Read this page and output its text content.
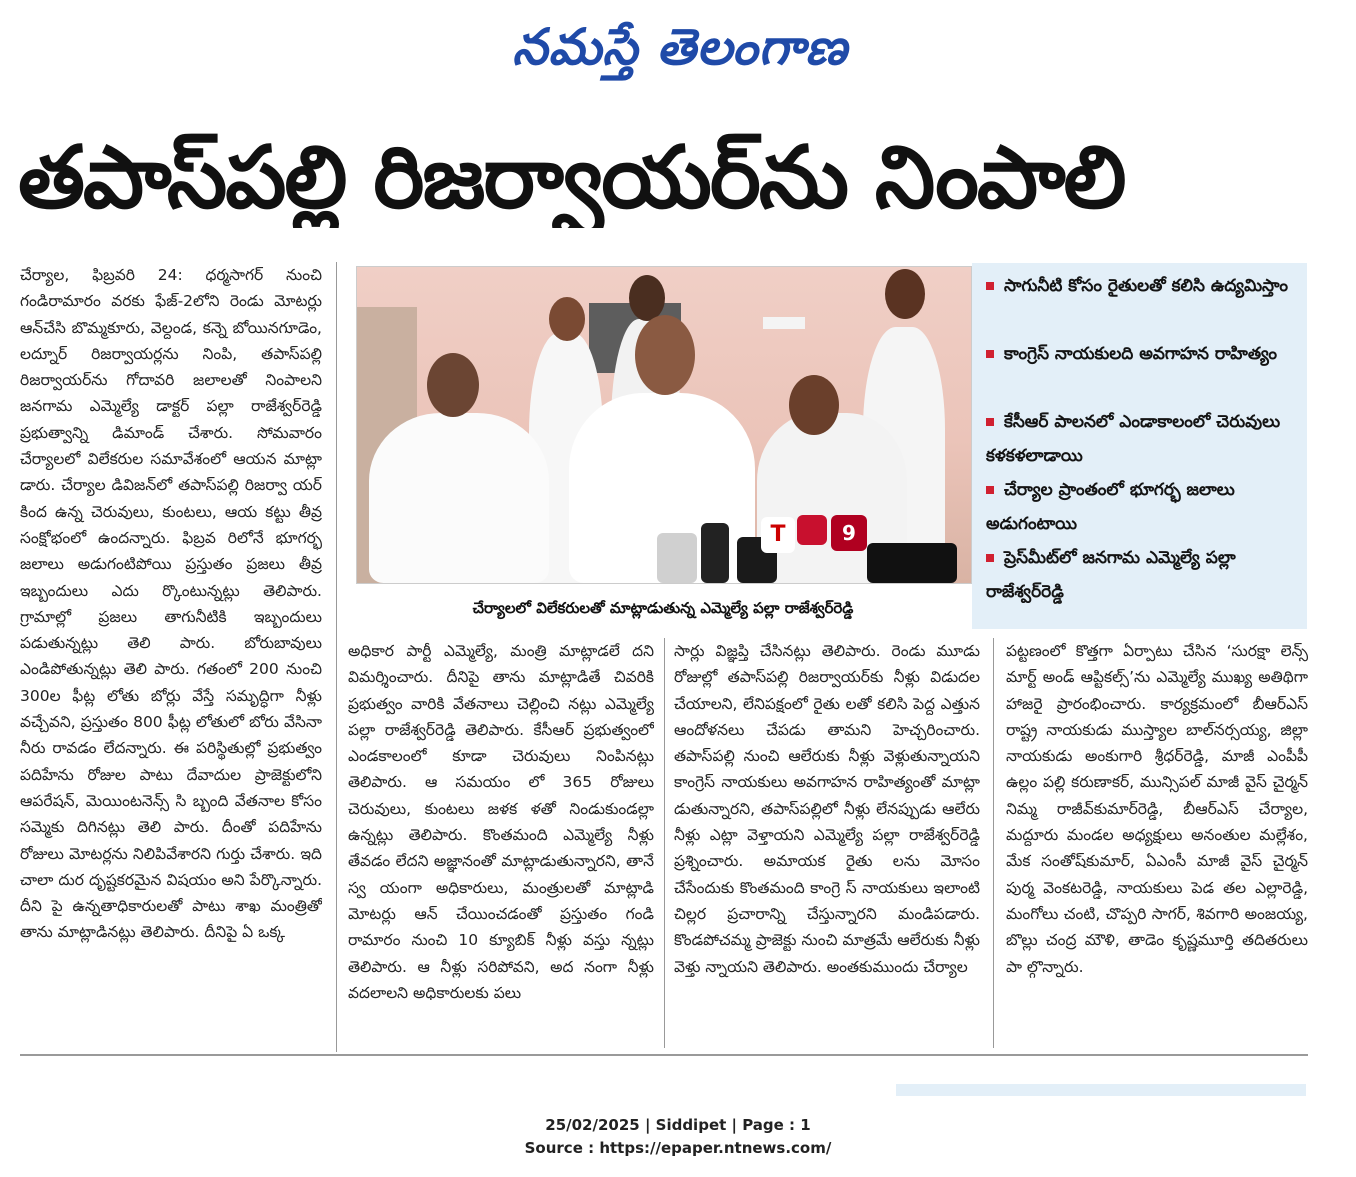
నమస్తే తెలంగాణ
తపాస్‌పల్లి రిజర్వాయర్‌ను నింపాలి

చేర్యాల, ఫిబ్రవరి 24: ధర్మసాగర్ నుంచి గండిరామారం వరకు ఫేజ్‌-2లోని రెండు మోటర్లు ఆన్‌చేసి బొమ్మకూరు, వెల్దండ, కన్నె బోయినగూడెం, లద్నూర్ రిజర్వాయర్లను నింపి, తపాస్‌పల్లి రిజర్వాయర్‌ను గోదావరి జలాలతో నింపాలని జనగామ ఎమ్మెల్యే డాక్టర్ పల్లా రాజేశ్వర్‌రెడ్డి ప్రభుత్వాన్ని డిమాండ్ చేశారు. సోమవారం చేర్యాలలో విలేకరుల సమావేశంలో ఆయన మాట్లా డారు. చేర్యాల డివిజన్‌లో తపాస్‌పల్లి రిజర్వా యర్ కింద ఉన్న చెరువులు, కుంటలు, ఆయ కట్టు తీవ్ర సంక్షోభంలో ఉందన్నారు. ఫిబ్రవ రిలోనే భూగర్భ జలాలు అడుగంటిపోయి ప్రస్తుతం ప్రజలు తీవ్ర ఇబ్బందులు ఎదు ర్కొంటున్నట్లు తెలిపారు. గ్రామాల్లో ప్రజలు తాగునీటికి ఇబ్బందులు పడుతున్నట్లు తెలి పారు. బోరుబావులు ఎండిపోతున్నట్లు తెలి పారు. గతంలో 200 నుంచి 300ల ఫీట్ల లోతు బోర్లు వేస్తే సమృద్ధిగా నీళ్లు వచ్చేవని, ప్రస్తుతం 800 ఫీట్ల లోతులో బోరు వేసినా నీరు రావడం లేదన్నారు. ఈ పరిస్థితుల్లో ప్రభుత్వం పదిహేను రోజుల పాటు దేవాదుల ప్రాజెక్టులోని ఆపరేషన్, మెయింటనెన్స్ సి బ్బంది వేతనాల కోసం సమ్మెకు దిగినట్లు తెలి పారు. దీంతో పదిహేను రోజులు మోటర్లను నిలిపివేశారని గుర్తు చేశారు. ఇది చాలా దుర దృష్టకరమైన విషయం అని పేర్కొన్నారు. దీని పై ఉన్నతాధికారులతో పాటు శాఖ మంత్రితో తాను మాట్లాడినట్లు తెలిపారు. దీనిపై ఏ ఒక్క

T	9
చేర్యాలలో విలేకరులతో మాట్లాడుతున్న ఎమ్మెల్యే పల్లా రాజేశ్వర్‌రెడ్డి
సాగునీటి కోసం రైతులతో కలిసి ఉద్యమిస్తాం
కాంగ్రెస్ నాయకులది అవగాహన రాహిత్యం
కేసీఆర్ పాలనలో ఎండాకాలంలో చెరువులు కళకళలాడాయి
చేర్యాల ప్రాంతంలో భూగర్భ జలాలు అడుగంటాయి
ప్రెస్‌మీట్‌లో జనగామ ఎమ్మెల్యే పల్లా రాజేశ్వర్‌రెడ్డి

అధికార పార్టీ ఎమ్మెల్యే, మంత్రి మాట్లాడలే దని విమర్శించారు. దీనిపై తాను మాట్లాడితే చివరికి ప్రభుత్వం వారికి వేతనాలు చెల్లించి నట్లు ఎమ్మెల్యే పల్లా రాజేశ్వర్‌రెడ్డి తెలిపారు. కేసీఆర్ ప్రభుత్వంలో ఎండకాలంలో కూడా చెరువులు నింపినట్లు తెలిపారు. ఆ సమయం లో 365 రోజులు చెరువులు, కుంటలు జళక ళతో నిండుకుండల్లా ఉన్నట్లు తెలిపారు. కొంతమంది ఎమ్మెల్యే నీళ్లు తేవడం లేదని అజ్ఞానంతో మాట్లాడుతున్నారని, తానే స్వ యంగా అధికారులు, మంత్రులతో మాట్లాడి మోటర్లు ఆన్ చేయించడంతో ప్రస్తుతం గండి రామారం నుంచి 10 క్యూబిక్ నీళ్లు వస్తు న్నట్లు తెలిపారు. ఆ నీళ్లు సరిపోవని, అద నంగా నీళ్లు వదలాలని అధికారులకు పలు

సార్లు విజ్ఞప్తి చేసినట్లు తెలిపారు. రెండు మూడు రోజుల్లో తపాస్‌పల్లి రిజర్వాయర్‌కు నీళ్లు విడుదల చేయాలని, లేనిపక్షంలో రైతు లతో కలిసి పెద్ద ఎత్తున ఆందోళనలు చేపడు తామని హెచ్చరించారు. తపాస్‌పల్లి నుంచి ఆలేరుకు నీళ్లు వెళ్లుతున్నాయని కాంగ్రెస్ నాయకులు అవగాహన రాహిత్యంతో మాట్లా డుతున్నారని, తపాస్‌పల్లిలో నీళ్లు లేనప్పుడు ఆలేరు నీళ్లు ఎట్లా వెళ్తాయని ఎమ్మెల్యే పల్లా రాజేశ్వర్‌రెడ్డి ప్రశ్నించారు. అమాయక రైతు లను మోసం చేసేందుకు కొంతమంది కాంగ్రె స్ నాయకులు ఇలాంటి చిల్లర ప్రచారాన్ని చేస్తున్నారని మండిపడారు. కొండపోచమ్మ ప్రాజెక్టు నుంచి మాత్రమే ఆలేరుకు నీళ్లు వెళ్తు న్నాయని తెలిపారు. అంతకుముందు చేర్యాల

పట్టణంలో కొత్తగా ఏర్పాటు చేసిన ‘సురక్షా లెన్స్ మార్ట్ అండ్ ఆప్టికల్స్’ను ఎమ్మెల్యే ముఖ్య అతిథిగా హాజరై ప్రారంభించారు. కార్యక్రమంలో బీఆర్‌ఎస్ రాష్ట్ర నాయకుడు ముస్త్యాల బాల్‌నర్సయ్య, జిల్లా నాయకుడు అంకుగారి శ్రీధర్‌రెడ్డి, మాజీ ఎంపీపీ ఉల్లం పల్లి కరుణాకర్, మున్సిపల్ మాజీ వైస్ చైర్మన్ నిమ్మ రాజీవ్‌కుమార్‌రెడ్డి, బీఆర్‌ఎస్ చేర్యాల, మద్దూరు మండల అధ్యక్షులు అనంతుల మల్లేశం, మేక సంతోష్‌కుమార్, ఏఎంసీ మాజీ వైస్ చైర్మన్ పుర్మ వెంకటరెడ్డి, నాయకులు పెడ తల ఎల్లారెడ్డి, మంగోలు చంటి, చొప్పరి సాగర్, శివగారి అంజయ్య, బొల్లు చంద్ర మౌళి, తాడెం కృష్ణమూర్తి తదితరులు పా ల్గొన్నారు.

25/02/2025 | Siddipet | Page : 1
Source : https://epaper.ntnews.com/
